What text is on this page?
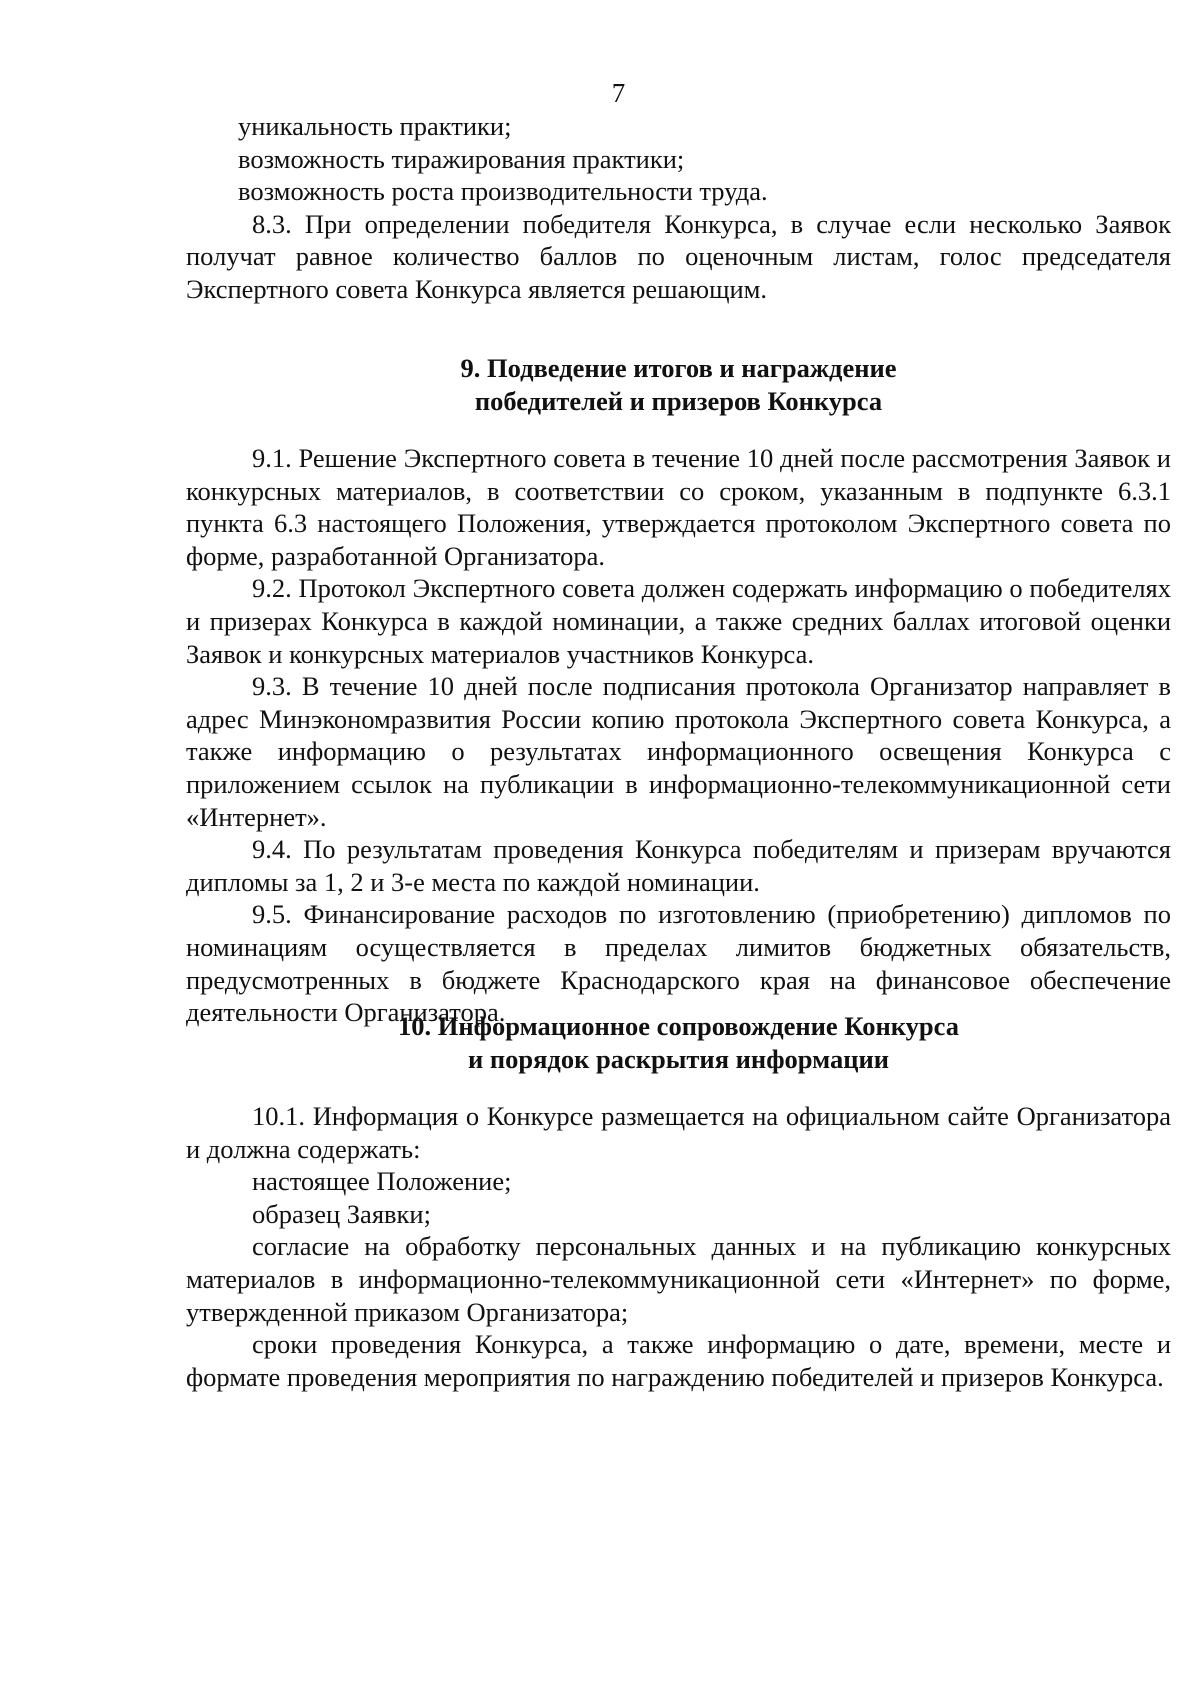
7

уникальность практики;

возможность тиражирования практики;

возможность роста производительности труда.

8.3. При определении победителя Конкурса, в случае если несколько Заявок получат равное количество баллов по оценочным листам, голос председателя Экспертного совета Конкурса является решающим.

9. Подведение итогов и награждение
победителей и призеров Конкурса

9.1. Решение Экспертного совета в течение 10 дней после рассмотрения Заявок и конкурсных материалов, в соответствии со сроком, указанным в подпункте 6.3.1 пункта 6.3 настоящего Положения, утверждается протоколом Экспертного совета по форме, разработанной Организатора.

9.2. Протокол Экспертного совета должен содержать информацию о победителях и призерах Конкурса в каждой номинации, а также средних баллах итоговой оценки Заявок и конкурсных материалов участников Конкурса.

9.3. В течение 10 дней после подписания протокола Организатор направляет в адрес Минэкономразвития России копию протокола Экспертного совета Конкурса, а также информацию о результатах информационного освещения Конкурса с приложением ссылок на публикации в информационно-телекоммуникационной сети «Интернет».

9.4. По результатам проведения Конкурса победителям и призерам вручаются дипломы за 1, 2 и 3-е места по каждой номинации.

9.5. Финансирование расходов по изготовлению (приобретению) дипломов по номинациям осуществляется в пределах лимитов бюджетных обязательств, предусмотренных в бюджете Краснодарского края на финансовое обеспечение деятельности Организатора.

10. Информационное сопровождение Конкурса
и порядок раскрытия информации

10.1. Информация о Конкурсе размещается на официальном сайте Организатора и должна содержать:

настоящее Положение;

образец Заявки;

согласие на обработку персональных данных и на публикацию конкурсных материалов в информационно-телекоммуникационной сети «Интернет» по форме, утвержденной приказом Организатора;

сроки проведения Конкурса, а также информацию о дате, времени, месте и формате проведения мероприятия по награждению победителей и призеров Конкурса.
